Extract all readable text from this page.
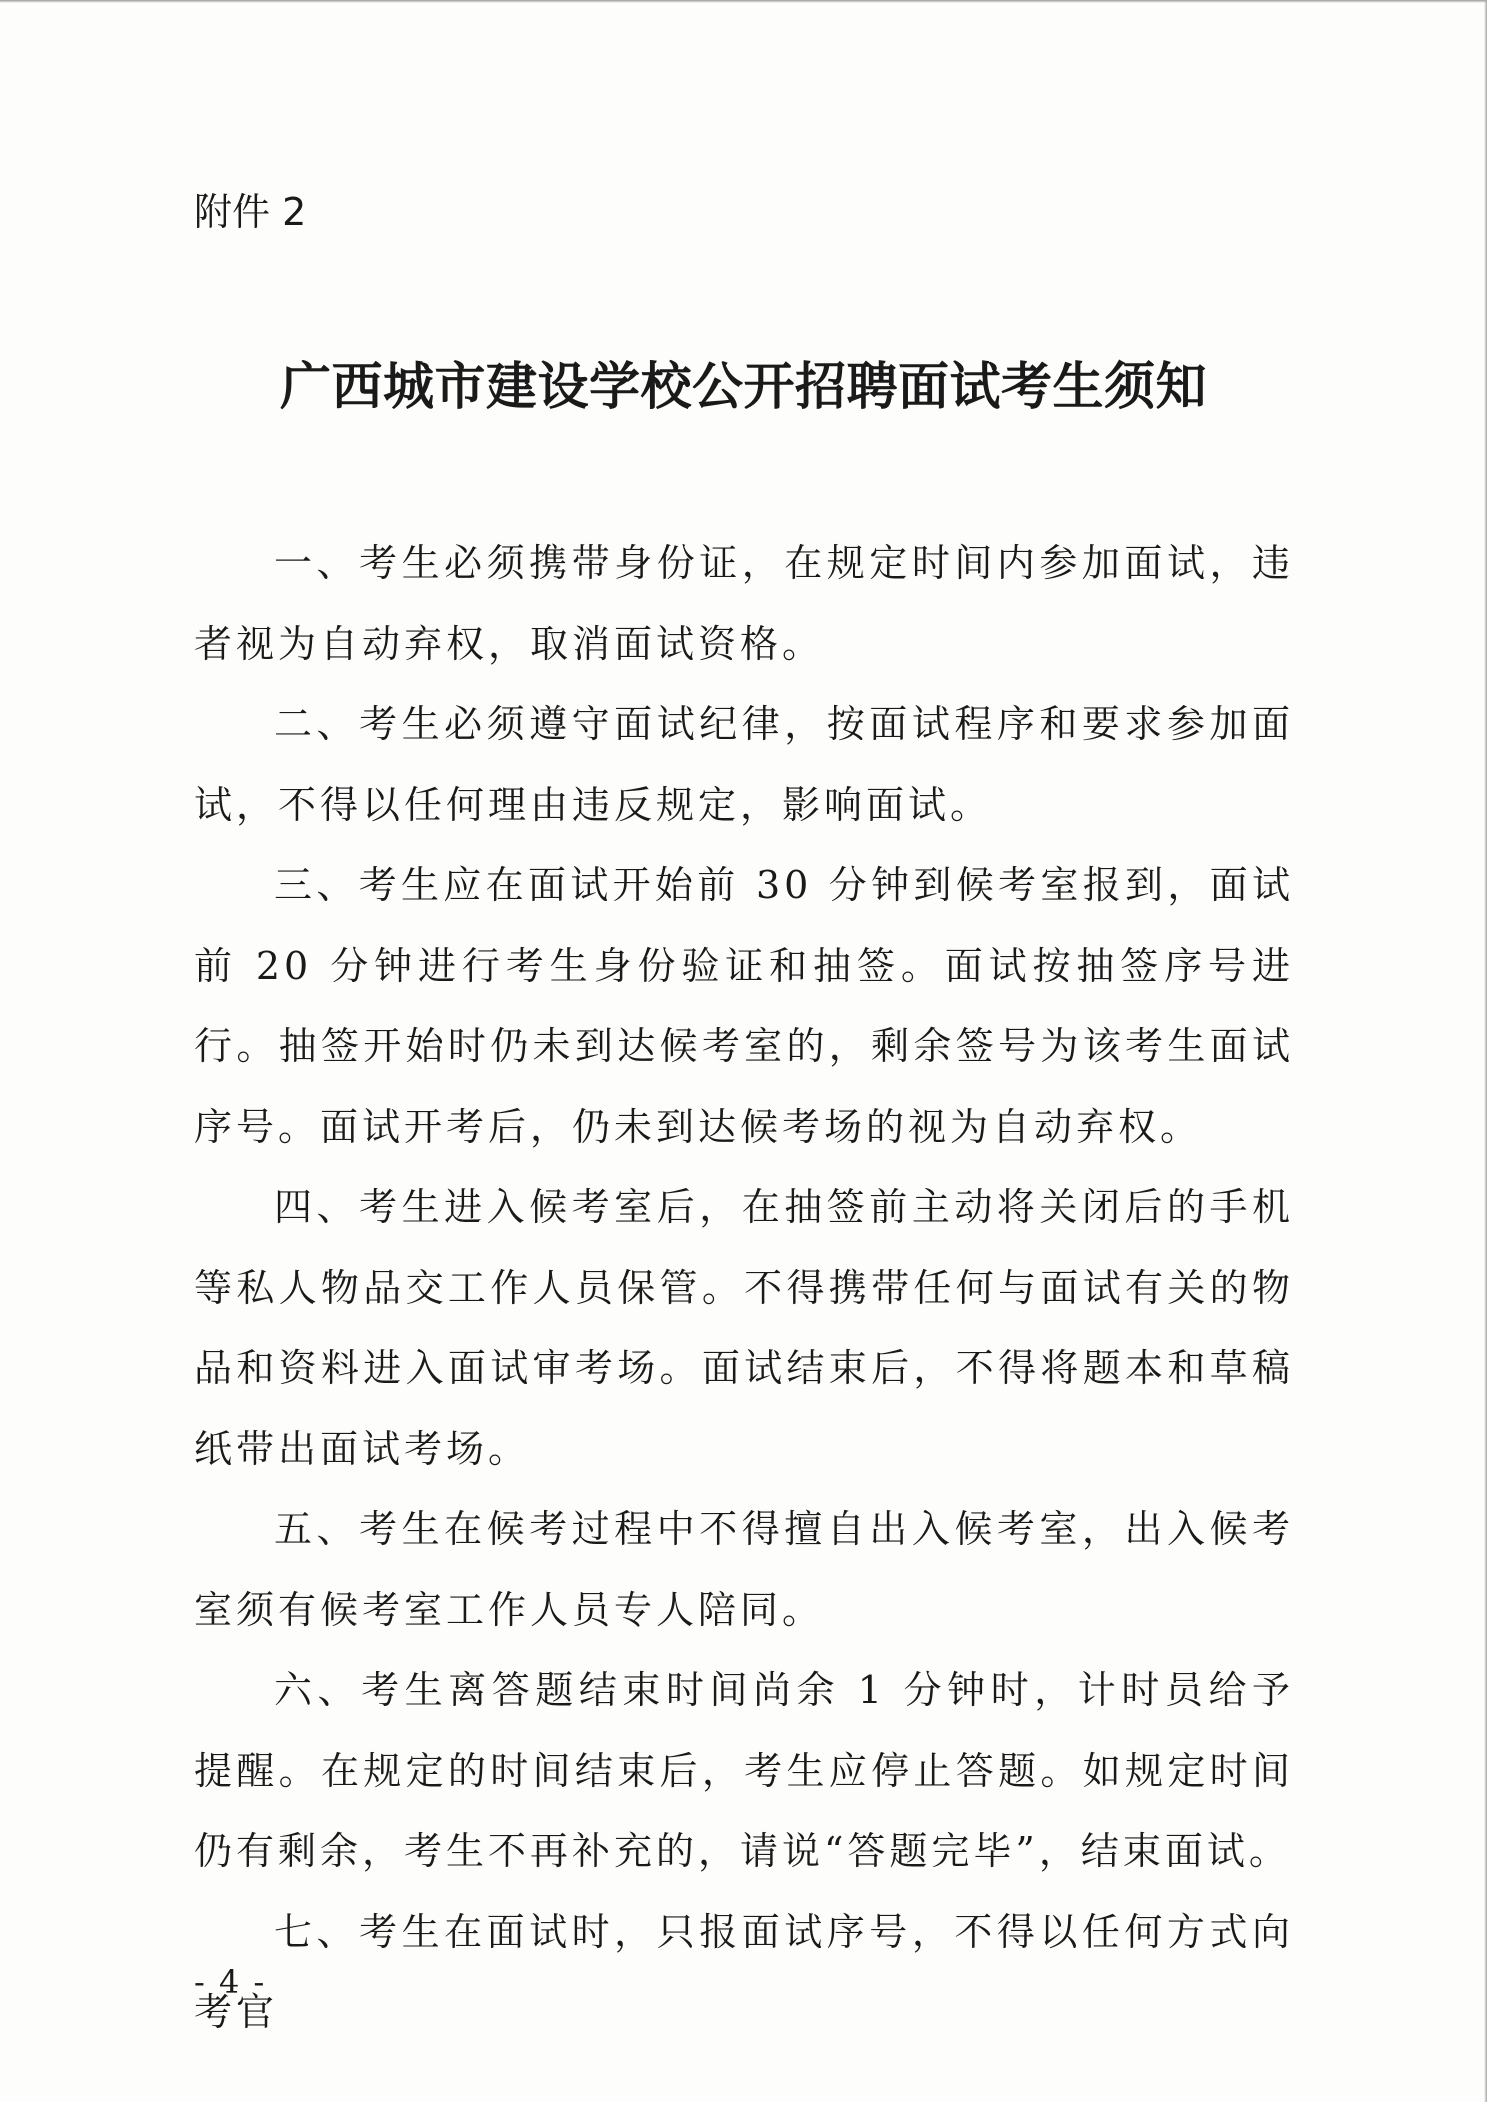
附件 2
广西城市建设学校公开招聘面试考生须知

一、考生必须携带身份证，在规定时间内参加面试，违者视为自动弃权，取消面试资格。

二、考生必须遵守面试纪律，按面试程序和要求参加面试，不得以任何理由违反规定，影响面试。

三、考生应在面试开始前 30 分钟到候考室报到，面试前 20 分钟进行考生身份验证和抽签。面试按抽签序号进行。抽签开始时仍未到达候考室的，剩余签号为该考生面试序号。面试开考后，仍未到达候考场的视为自动弃权。

四、考生进入候考室后，在抽签前主动将关闭后的手机等私人物品交工作人员保管。不得携带任何与面试有关的物品和资料进入面试审考场。面试结束后，不得将题本和草稿纸带出面试考场。

五、考生在候考过程中不得擅自出入候考室，出入候考室须有候考室工作人员专人陪同。

六、考生离答题结束时间尚余 1 分钟时，计时员给予提醒。在规定的时间结束后，考生应停止答题。如规定时间仍有剩余，考生不再补充的，请说“答题完毕”，结束面试。

七、考生在面试时，只报面试序号，不得以任何方式向考官

- 4 -
